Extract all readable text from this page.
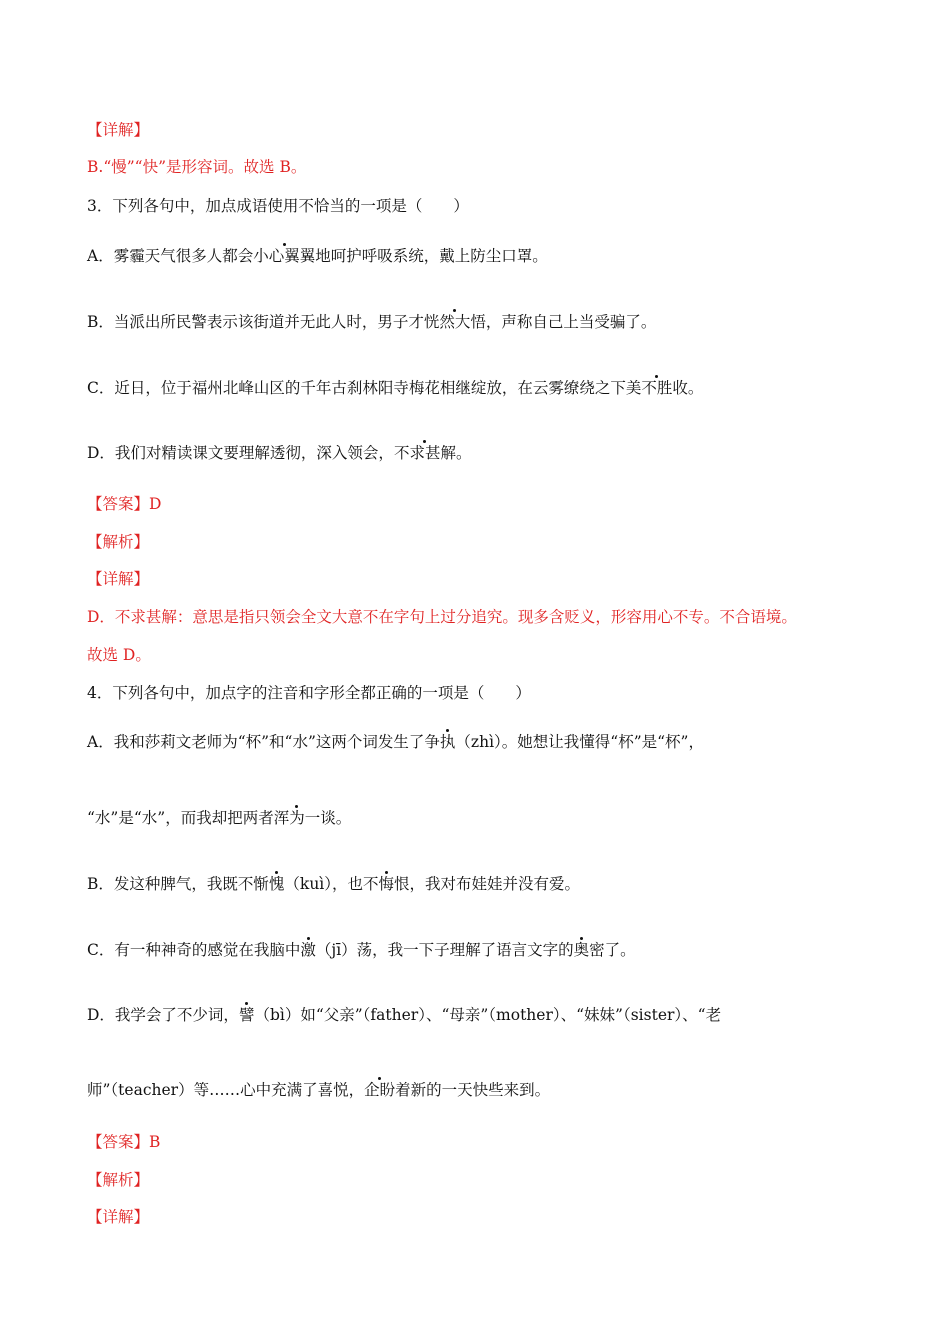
【详解】

B.“慢”“快”是形容词。故选 B。

3．下列各句中，加点成语使用不恰当的一项是（　　）

A．雾霾天气很多人都会小心翼翼地呵护呼吸系统，戴上防尘口罩。

B．当派出所民警表示该街道并无此人时，男子才恍然大悟，声称自己上当受骗了。

C．近日，位于福州北峰山区的千年古刹林阳寺梅花相继绽放，在云雾缭绕之下美不胜收。

D．我们对精读课文要理解透彻，深入领会，不求甚解。

【答案】D

【解析】

【详解】

D．不求甚解：意思是指只领会全文大意不在字句上过分追究。现多含贬义，形容用心不专。不合语境。

故选 D。

4．下列各句中，加点字的注音和字形全都正确的一项是（　　）

A．我和莎莉文老师为“杯”和“水”这两个词发生了争执（zhì）。她想让我懂得“杯”是“杯”，

“水”是“水”，而我却把两者浑为一谈。

B．发这种脾气，我既不惭愧（kuì），也不悔恨，我对布娃娃并没有爱。

C．有一种神奇的感觉在我脑中激（jī）荡，我一下子理解了语言文字的奥密了。

D．我学会了不少词，譬（bì）如“父亲”（father）、“母亲”（mother）、“妹妹”（sister）、“老

师”（teacher）等……心中充满了喜悦，企盼着新的一天快些来到。

【答案】B

【解析】

【详解】
